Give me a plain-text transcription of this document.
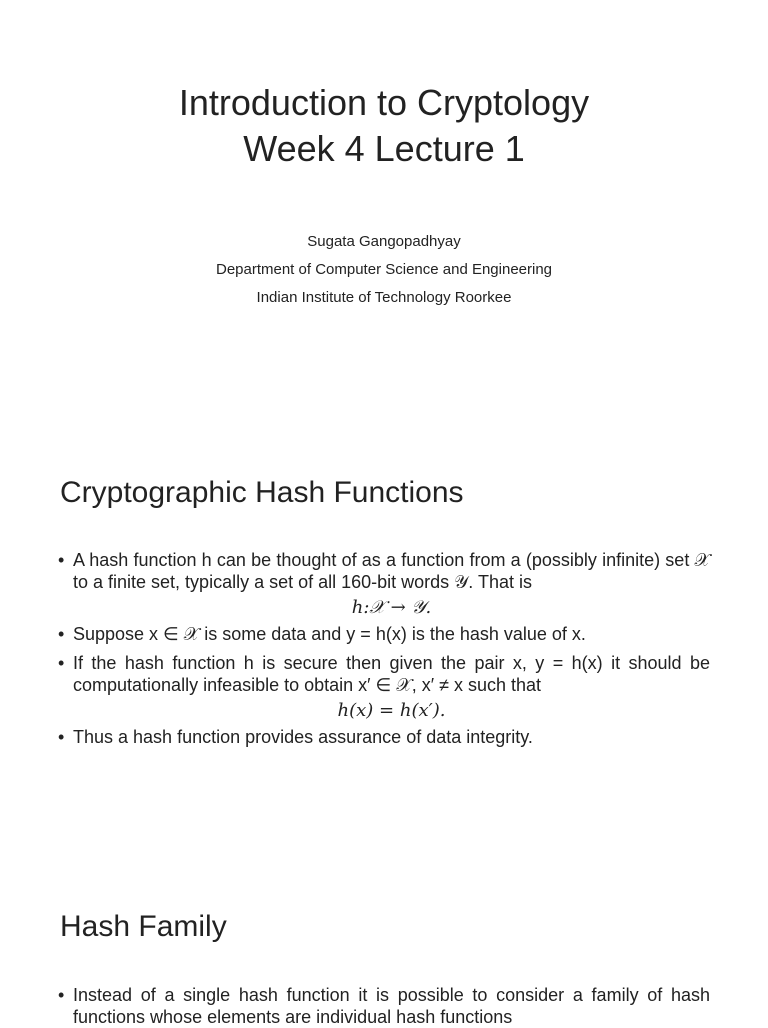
Introduction to Cryptology
Week 4 Lecture 1
Sugata Gangopadhyay
Department of Computer Science and Engineering
Indian Institute of Technology Roorkee
Cryptographic Hash Functions
• A hash function h can be thought of as a function from a (possibly infinite) set 𝒳 to a finite set, typically a set of all 160-bit words 𝒴. That is
h:𝒳 → 𝒴.
• Suppose x ∈ 𝒳 is some data and y = h(x) is the hash value of x.
• If the hash function h is secure then given the pair x, y = h(x) it should be computationally infeasible to obtain x′ ∈ 𝒳, x′ ≠ x such that
h(x) = h(x′).
• Thus a hash function provides assurance of data integrity.
Hash Family
• Instead of a single hash function it is possible to consider a family of hash functions whose elements are individual hash functions
